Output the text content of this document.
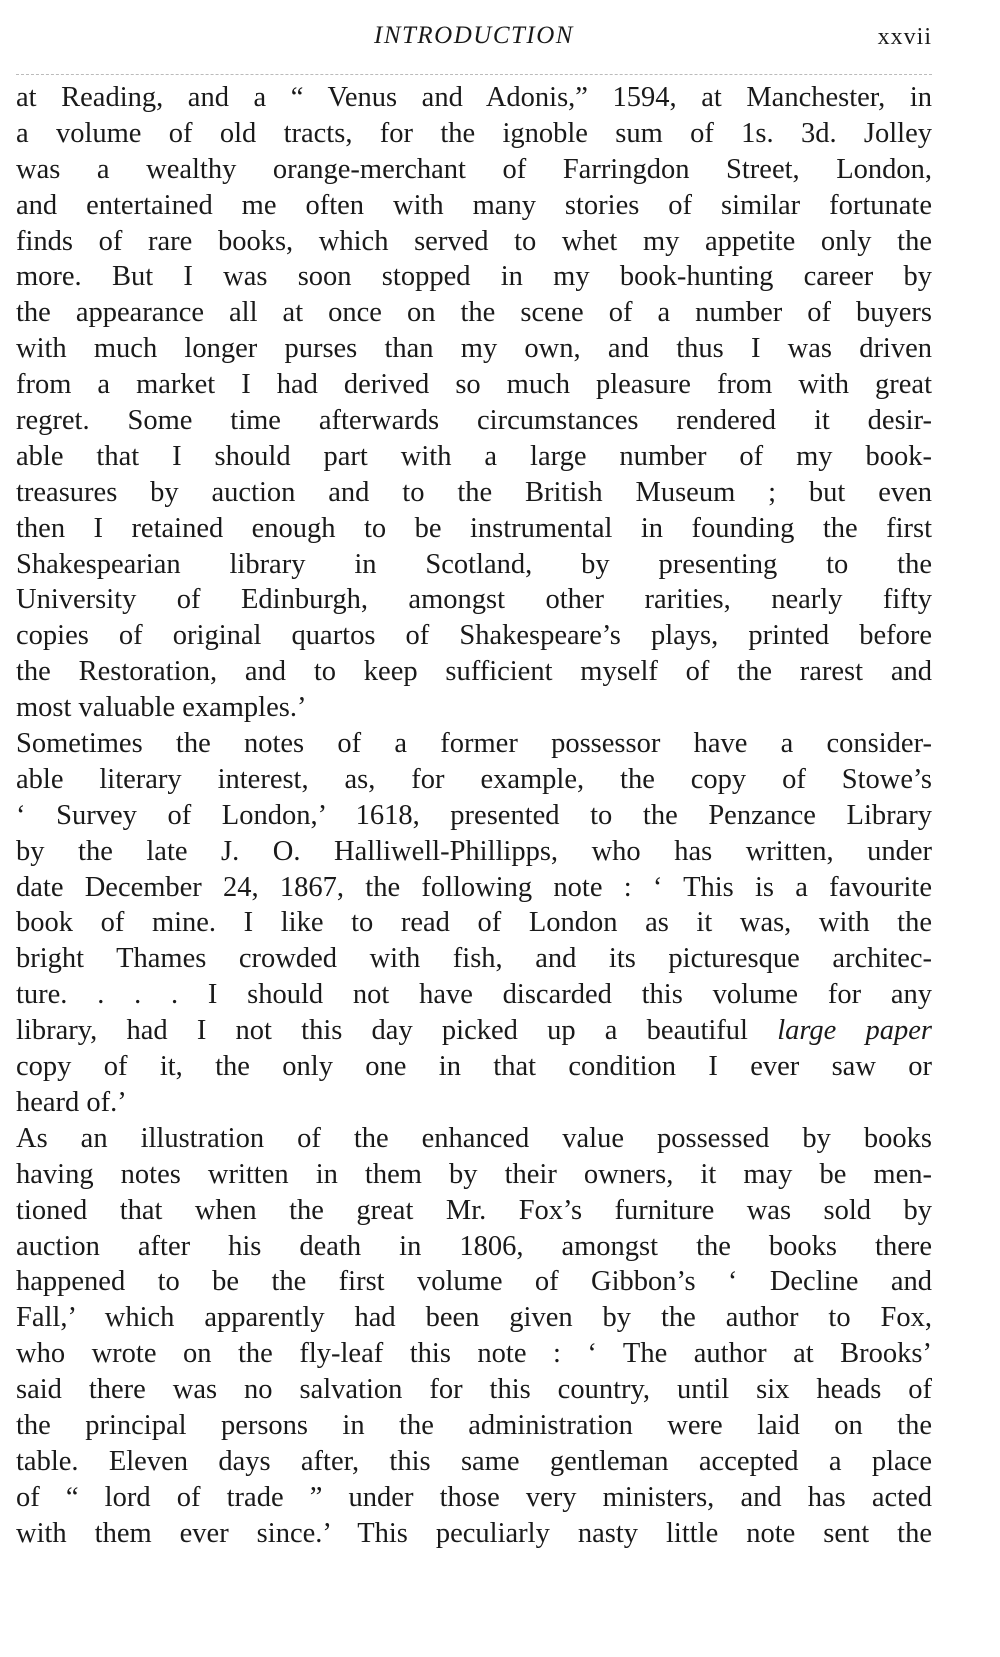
INTRODUCTION	xxvii
at Reading, and a “ Venus and Adonis,” 1594, at Manchester, in
a volume of old tracts, for the ignoble sum of 1s. 3d. Jolley
was a wealthy orange-merchant of Farringdon Street, London,
and entertained me often with many stories of similar fortunate
finds of rare books, which served to whet my appetite only the
more. But I was soon stopped in my book-hunting career by
the appearance all at once on the scene of a number of buyers
with much longer purses than my own, and thus I was driven
from a market I had derived so much pleasure from with great
regret. Some time afterwards circumstances rendered it desir-
able that I should part with a large number of my book-
treasures by auction and to the British Museum ; but even
then I retained enough to be instrumental in founding the first
Shakespearian library in Scotland, by presenting to the
University of Edinburgh, amongst other rarities, nearly fifty
copies of original quartos of Shakespeare’s plays, printed before
the Restoration, and to keep sufficient myself of the rarest and
most valuable examples.’
Sometimes the notes of a former possessor have a consider-
able literary interest, as, for example, the copy of Stowe’s
‘ Survey of London,’ 1618, presented to the Penzance Library
by the late J. O. Halliwell-Phillipps, who has written, under
date December 24, 1867, the following note : ‘ This is a favourite
book of mine. I like to read of London as it was, with the
bright Thames crowded with fish, and its picturesque architec-
ture. . . . I should not have discarded this volume for any
library, had I not this day picked up a beautiful large paper
copy of it, the only one in that condition I ever saw or
heard of.’
As an illustration of the enhanced value possessed by books
having notes written in them by their owners, it may be men-
tioned that when the great Mr. Fox’s furniture was sold by
auction after his death in 1806, amongst the books there
happened to be the first volume of Gibbon’s ‘ Decline and
Fall,’ which apparently had been given by the author to Fox,
who wrote on the fly-leaf this note : ‘ The author at Brooks’
said there was no salvation for this country, until six heads of
the principal persons in the administration were laid on the
table. Eleven days after, this same gentleman accepted a place
of “ lord of trade ” under those very ministers, and has acted
with them ever since.’ This peculiarly nasty little note sent the
